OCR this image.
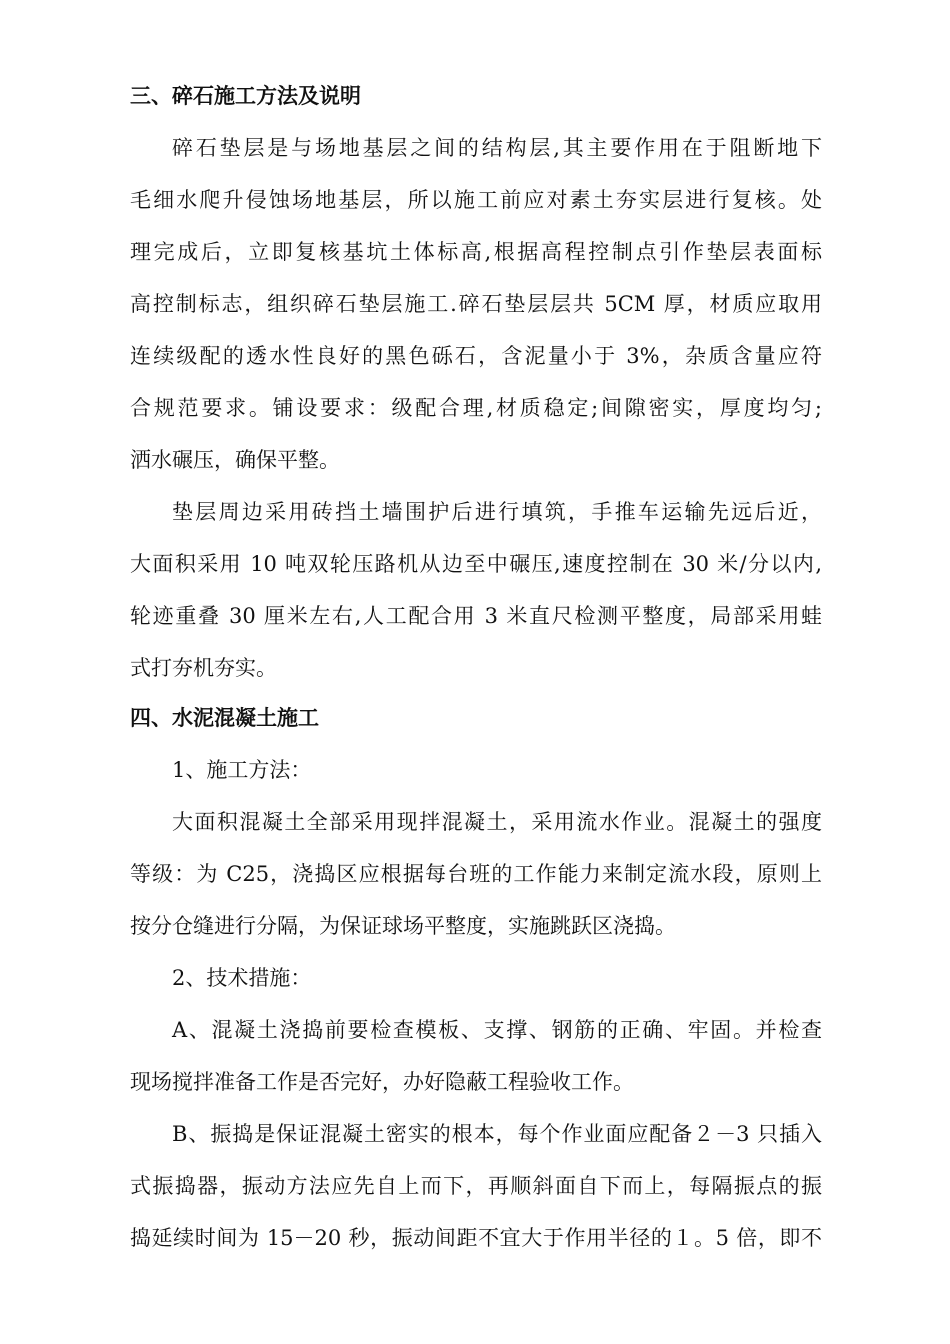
三、碎石施工方法及说明

碎石垫层是与场地基层之间的结构层,其主要作用在于阻断地下
毛细水爬升侵蚀场地基层，所以施工前应对素土夯实层进行复核。处
理完成后，立即复核基坑土体标高,根据高程控制点引作垫层表面标
高控制标志，组织碎石垫层施工.碎石垫层层共 5CM 厚，材质应取用
连续级配的透水性良好的黑色砾石，含泥量小于 3%，杂质含量应符
合规范要求。铺设要求：级配合理,材质稳定;间隙密实，厚度均匀;
洒水碾压，确保平整。

垫层周边采用砖挡土墙围护后进行填筑，手推车运输先远后近，
大面积采用 10 吨双轮压路机从边至中碾压,速度控制在 30 米/分以内,
轮迹重叠 30 厘米左右,人工配合用 3 米直尺检测平整度，局部采用蛙
式打夯机夯实。

四、水泥混凝土施工
1、施工方法：

大面积混凝土全部采用现拌混凝土，采用流水作业。混凝土的强度
等级：为 C25，浇捣区应根据每台班的工作能力来制定流水段，原则上
按分仓缝进行分隔，为保证球场平整度，实施跳跃区浇捣。

2、技术措施：

A、混凝土浇捣前要检查模板、支撑、钢筋的正确、牢固。并检查
现场搅拌准备工作是否完好，办好隐蔽工程验收工作。

B、振捣是保证混凝土密实的根本，每个作业面应配备２－3 只插入
式振捣器，振动方法应先自上而下，再顺斜面自下而上，每隔振点的振
捣延续时间为 15－20 秒，振动间距不宜大于作用半径的１。5 倍，即不
